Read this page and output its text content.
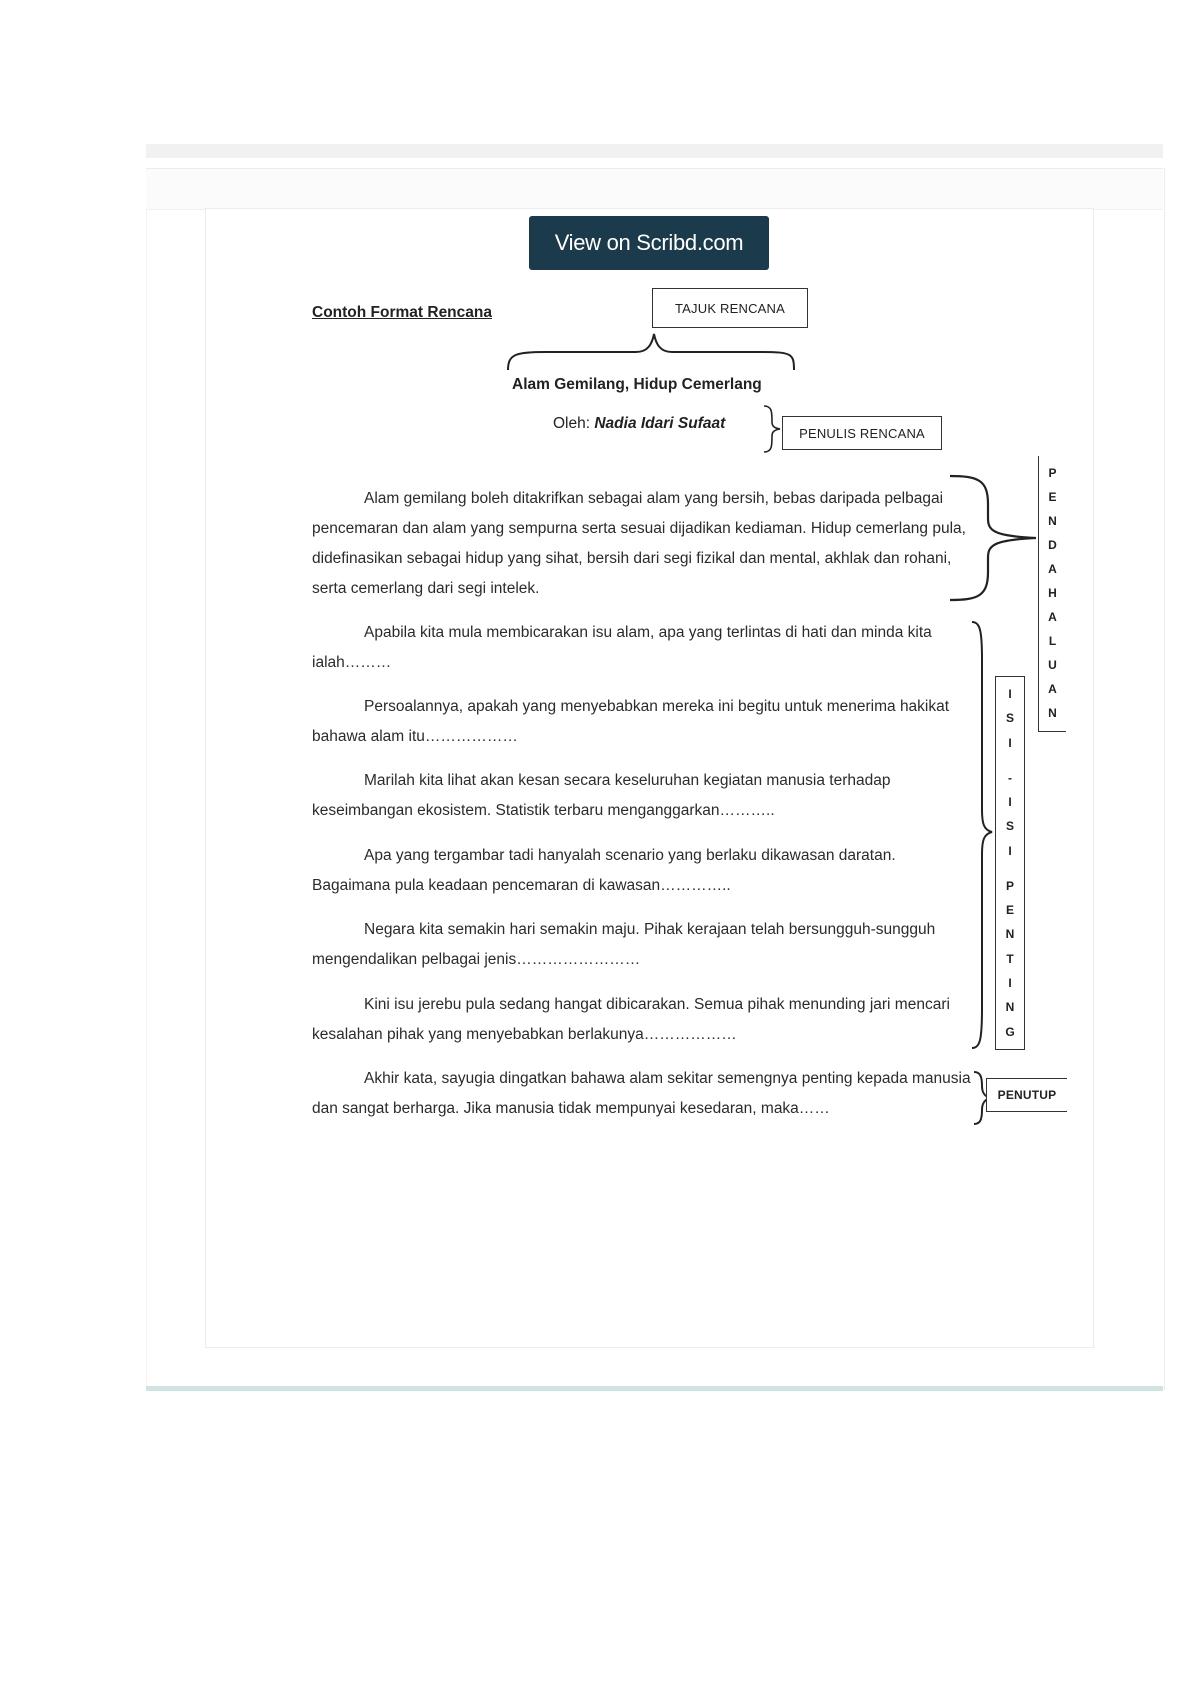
View on Scribd.com
Contoh Format Rencana	TAJUK RENCANA
Alam Gemilang, Hidup Cemerlang
Oleh: Nadia Idari Sufaat
PENULIS RENCANA
P
E
N
D
A
H
A
L
U
A
N
Alam gemilang boleh ditakrifkan sebagai alam yang bersih, bebas daripada pelbagai pencemaran dan alam yang sempurna serta sesuai dijadikan kediaman. Hidup cemerlang pula, didefinasikan sebagai hidup yang sihat, bersih dari segi fizikal dan mental, akhlak dan rohani, serta cemerlang dari segi intelek.
I
S
I
-
I
S
I
P
E
N
T
I
N
G
Apabila kita mula membicarakan isu alam, apa yang terlintas di hati dan minda kita ialah………
Persoalannya, apakah yang menyebabkan mereka ini begitu untuk menerima hakikat bahawa alam itu………………
Marilah kita lihat akan kesan secara keseluruhan kegiatan manusia terhadap keseimbangan ekosistem. Statistik terbaru menganggarkan………..
Apa yang tergambar tadi hanyalah scenario yang berlaku dikawasan daratan. Bagaimana pula keadaan pencemaran di kawasan…………..
Negara kita semakin hari semakin maju. Pihak kerajaan telah bersungguh-sungguh mengendalikan pelbagai jenis……………………
Kini isu jerebu pula sedang hangat dibicarakan. Semua pihak menunding jari mencari kesalahan pihak yang menyebabkan berlakunya………………
Akhir kata, sayugia dingatkan bahawa alam sekitar semengnya penting kepada manusia dan sangat berharga. Jika manusia tidak mempunyai kesedaran, maka……
PENUTUP
